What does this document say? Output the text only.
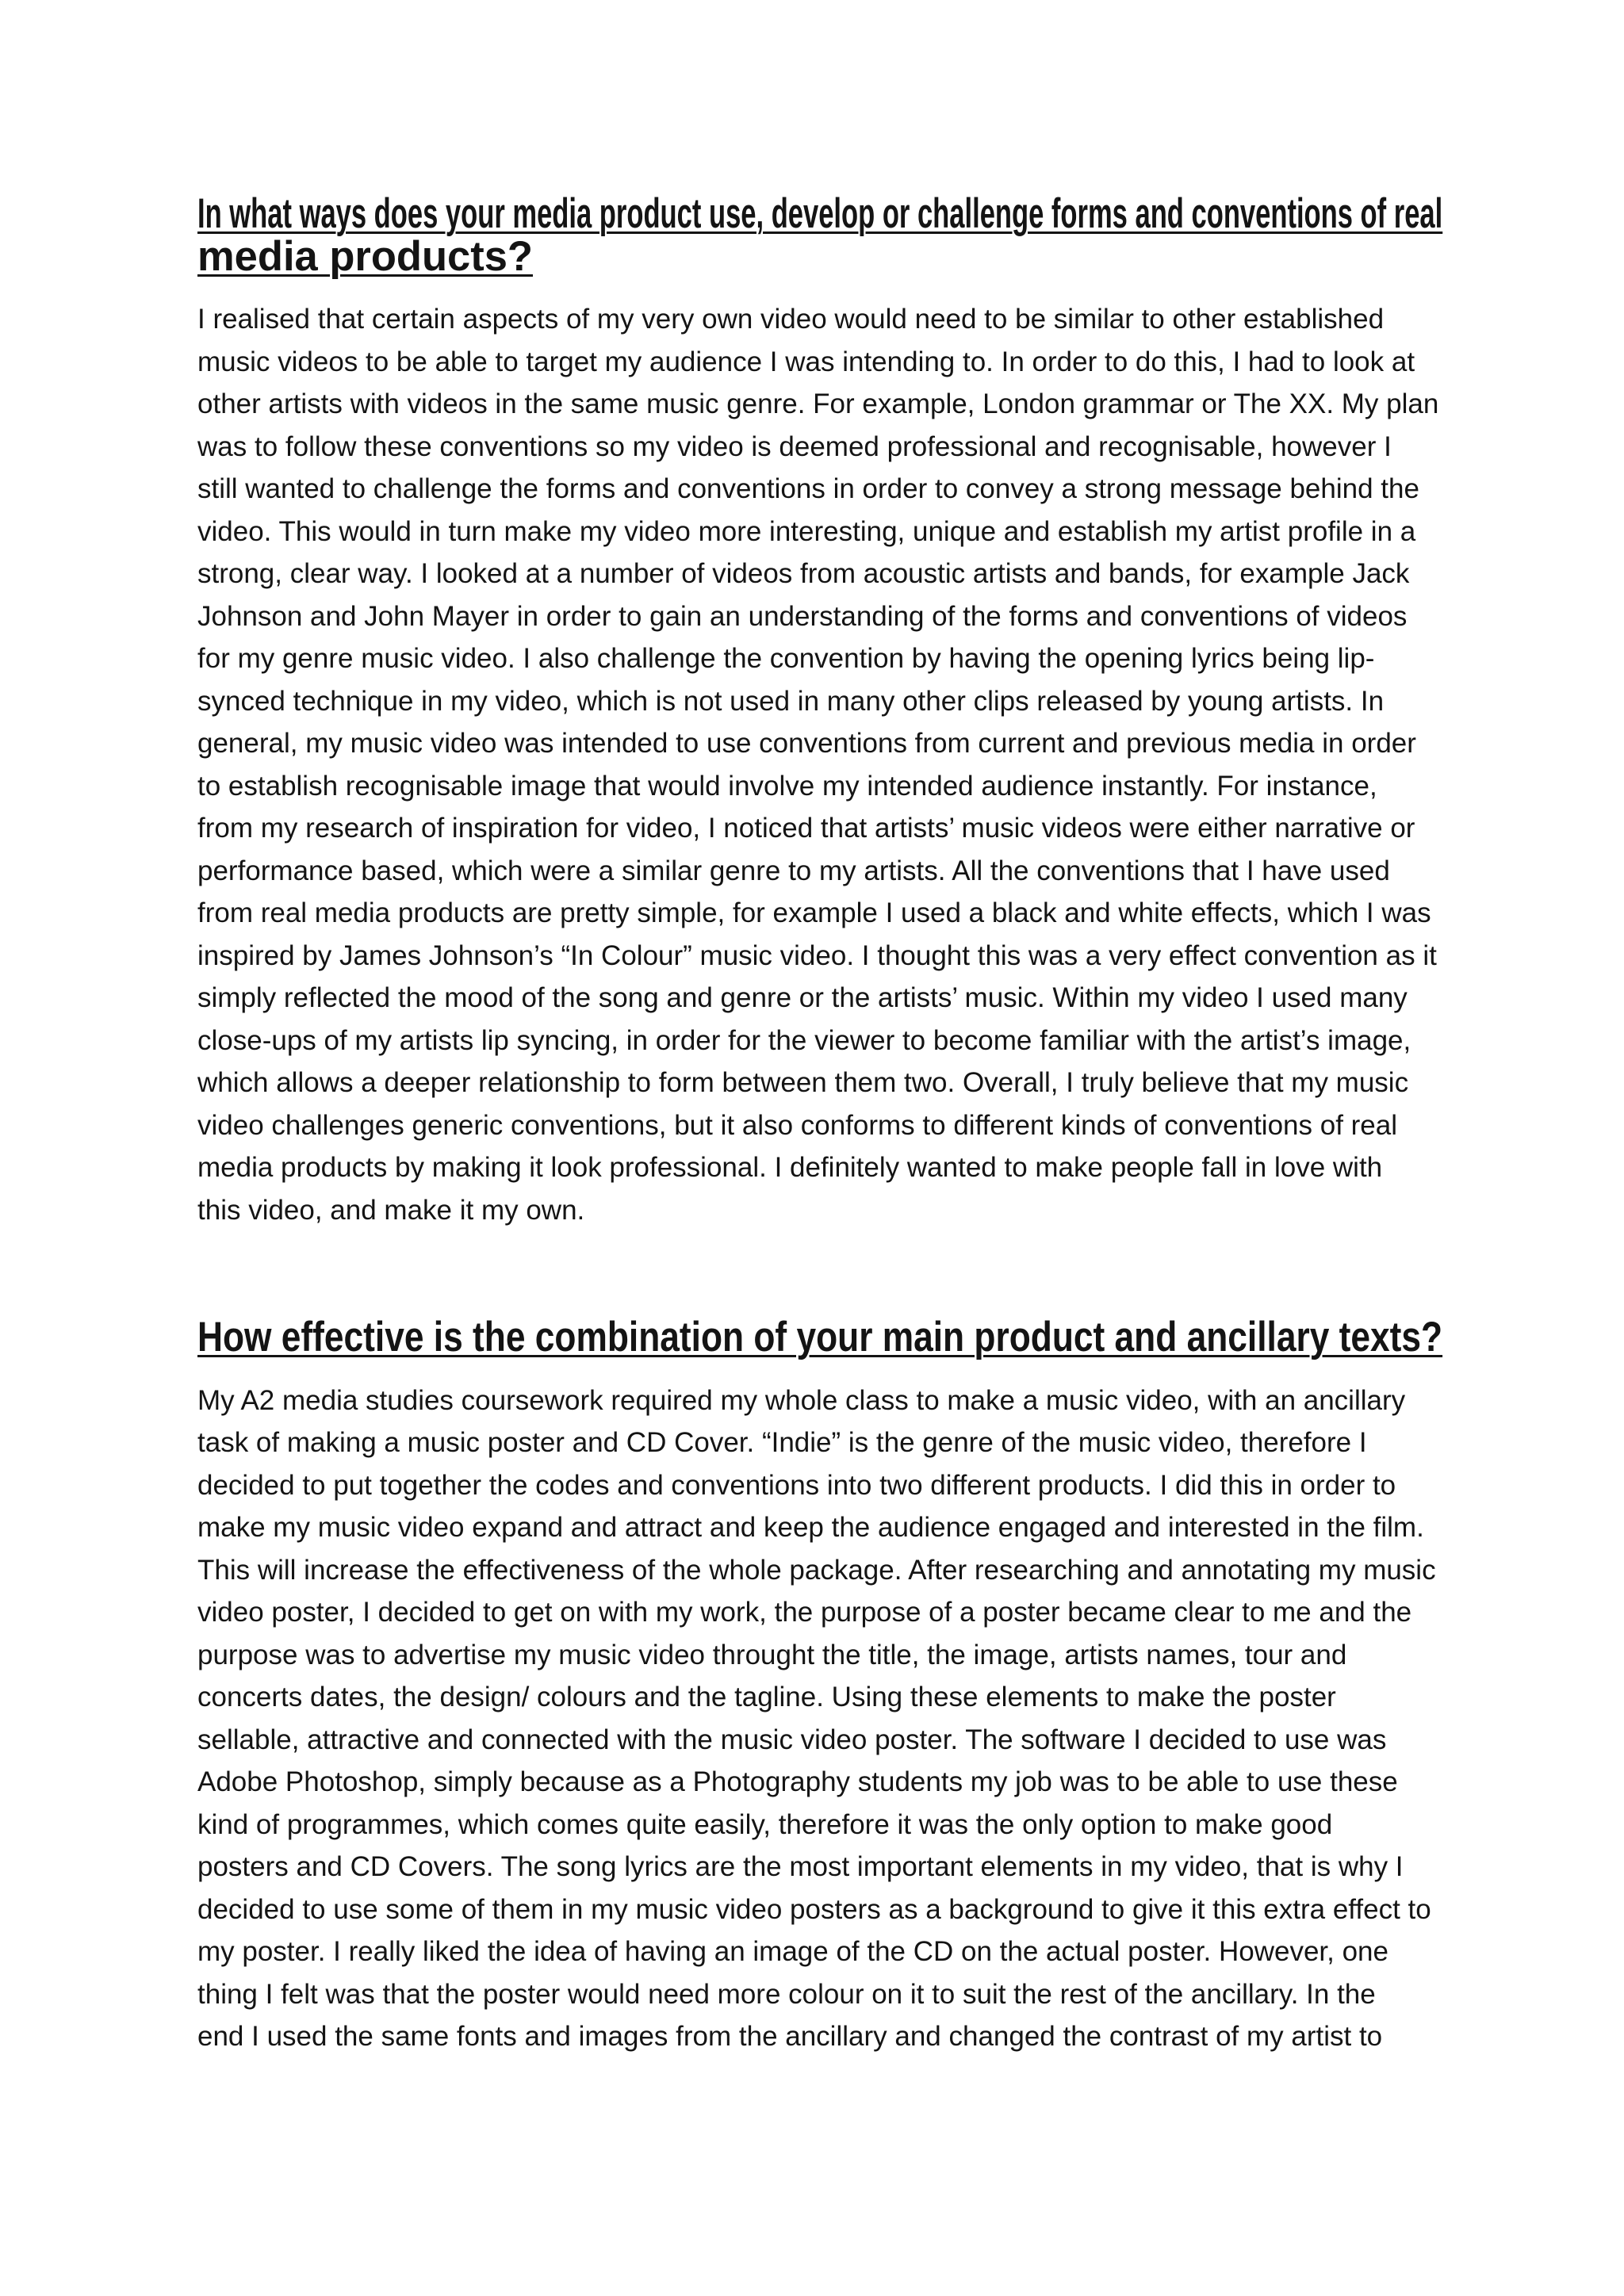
In what ways does your media product use, develop or challenge forms and conventions of real
media products?

I realised that certain aspects of my very own video would need to be similar to other established
music videos to be able to target my audience I was intending to. In order to do this, I had to look at
other artists with videos in the same music genre. For example, London grammar or The XX. My plan
was to follow these conventions so my video is deemed professional and recognisable, however I
still wanted to challenge the forms and conventions in order to convey a strong message behind the
video. This would in turn make my video more interesting, unique and establish my artist profile in a
strong, clear way. I looked at a number of videos from acoustic artists and bands, for example Jack
Johnson and John Mayer in order to gain an understanding of the forms and conventions of videos
for my genre music video. I also challenge the convention by having the opening lyrics being lip-
synced technique in my video, which is not used in many other clips released by young artists. In
general, my music video was intended to use conventions from current and previous media in order
to establish recognisable image that would involve my intended audience instantly. For instance,
from my research of inspiration for video, I noticed that artists’ music videos were either narrative or
performance based, which were a similar genre to my artists. All the conventions that I have used
from real media products are pretty simple, for example I used a black and white effects, which I was
inspired by James Johnson’s “In Colour” music video. I thought this was a very effect convention as it
simply reflected the mood of the song and genre or the artists’ music. Within my video I used many
close-ups of my artists lip syncing, in order for the viewer to become familiar with the artist’s image,
which allows a deeper relationship to form between them two. Overall, I truly believe that my music
video challenges generic conventions, but it also conforms to different kinds of conventions of real
media products by making it look professional. I definitely wanted to make people fall in love with
this video, and make it my own.

How effective is the combination of your main product and ancillary texts?

My A2 media studies coursework required my whole class to make a music video, with an ancillary
task of making a music poster and CD Cover. “Indie” is the genre of the music video, therefore I
decided to put together the codes and conventions into two different products. I did this in order to
make my music video expand and attract and keep the audience engaged and interested in the film.
This will increase the effectiveness of the whole package. After researching and annotating my music
video poster, I decided to get on with my work, the purpose of a poster became clear to me and the
purpose was to advertise my music video throught the title, the image, artists names, tour and
concerts dates, the design/ colours and the tagline. Using these elements to make the poster
sellable, attractive and connected with the music video poster. The software I decided to use was
Adobe Photoshop, simply because as a Photography students my job was to be able to use these
kind of programmes, which comes quite easily, therefore it was the only option to make good
posters and CD Covers. The song lyrics are the most important elements in my video, that is why I
decided to use some of them in my music video posters as a background to give it this extra effect to
my poster. I really liked the idea of having an image of the CD on the actual poster. However, one
thing I felt was that the poster would need more colour on it to suit the rest of the ancillary. In the
end I used the same fonts and images from the ancillary and changed the contrast of my artist to
